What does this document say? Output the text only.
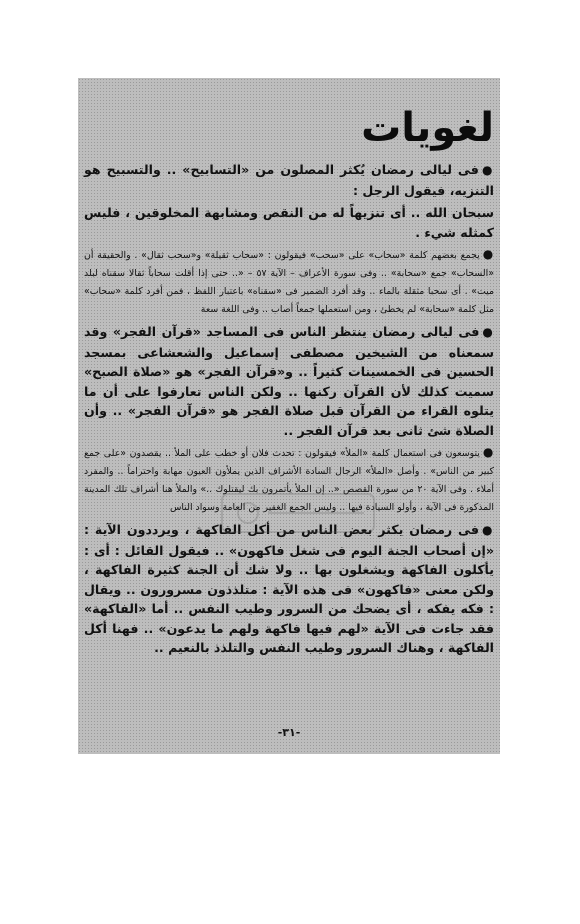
لغويات

●فى ليالى رمضان يُكثر المصلون من «التسابيح» .. والتسبيح هو التنزيه، فيقول الرجل :

سبحان الله .. أى تنزيهاً له من النقص ومشابهة المخلوقين ، فليس كمثله شيء .

●يجمع بعضهم كلمة «سحاب» على «سحب» فيقولون : «سحاب ثقيلة» و«سحب ثقال» . والحقيقة أن «السحاب» جمع «سحابة» .. وفى سورة الأعراف – الآية ٥٧ – «.. حتى إذا أقلت سحاباً ثقالا سقناه لبلد ميت» . أى سحبا مثقلة بالماء .. وقد أفرد الضمير فى «سقناه» باعتبار اللفظ ، فمن أفرد كلمة «سحاب» مثل كلمة «سحابة» لم يخطئ ، ومن استعملها جمعاً أصاب .. وفى اللغة سعة

●فى ليالى رمضان ينتظر الناس فى المساجد «قرآن الفجر» وقد سمعناه من الشيخين مصطفى إسماعيل والشعشاعى بمسجد الحسين فى الخمسينات كثيراً .. و«قرآن الفجر» هو «صلاة الصبح» سميت كذلك لأن القرآن ركنها .. ولكن الناس تعارفوا على أن ما يتلوه القراء من القرآن قبل صلاة الفجر هو «قرآن الفجر» .. وأن الصلاة شئ ثانى بعد قرآن الفجر ..

●يتوسعون فى استعمال كلمة «الملأ» فيقولون : تحدث فلان أو خطب على الملأ .. يقصدون «على جمع كبير من الناس» . وأصل «الملأ» الرجال السادة الأشراف الذين يملأون العيون مهابة واحتراماً .. والمفرد أملاء . وفى الآية ٢٠ من سورة القصص «.. إن الملأ يأتمرون بك ليقتلوك ..» والملأ هنا أشراف تلك المدينة المذكورة فى الآية ، وأولو السيادة فيها .. وليس الجمع الغفير من العامة وسواد الناس

●فى رمضان يكثر بعض الناس من أكل الفاكهة ، ويرددون الآية : «إن أصحاب الجنة اليوم فى شغل فاكهون» .. فيقول القائل : أى : يأكلون الفاكهة ويشغلون بها .. ولا شك أن الجنة كثيرة الفاكهة ، ولكن معنى «فاكهون» فى هذه الآية : متلذذون مسرورون .. ويقال : فكه يفكه ، أى يضحك من السرور وطيب النفس .. أما «الفاكهة» فقد جاءت فى الآية «لهم فيها فاكهة ولهم ما يدعون» .. فهنا أكل الفاكهة ، وهناك السرور وطيب النفس والتلذذ بالنعيم ..

-٣١-
